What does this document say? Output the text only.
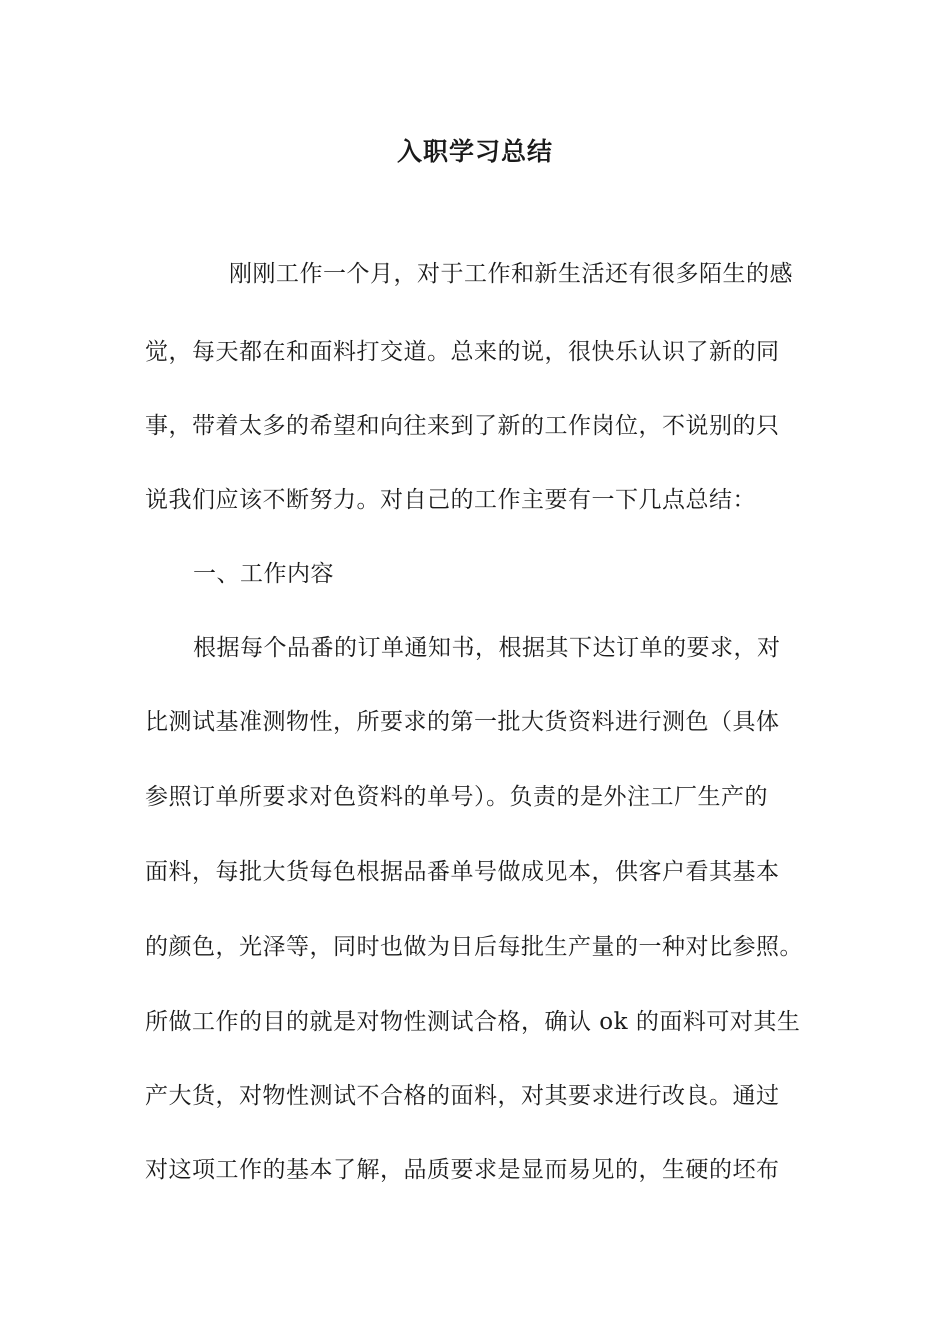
入职学习总结
刚刚工作一个月，对于工作和新生活还有很多陌生的感
觉，每天都在和面料打交道。总来的说，很快乐认识了新的同
事，带着太多的希望和向往来到了新的工作岗位，不说别的只
说我们应该不断努力。对自己的工作主要有一下几点总结：
一、工作内容
根据每个品番的订单通知书，根据其下达订单的要求，对
比测试基准测物性，所要求的第一批大货资料进行测色（具体
参照订单所要求对色资料的单号）。负责的是外注工厂生产的
面料，每批大货每色根据品番单号做成见本，供客户看其基本
的颜色，光泽等，同时也做为日后每批生产量的一种对比参照。
所做工作的目的就是对物性测试合格，确认 ok 的面料可对其生
产大货，对物性测试不合格的面料，对其要求进行改良。通过
对这项工作的基本了解，品质要求是显而易见的，生硬的坯布
